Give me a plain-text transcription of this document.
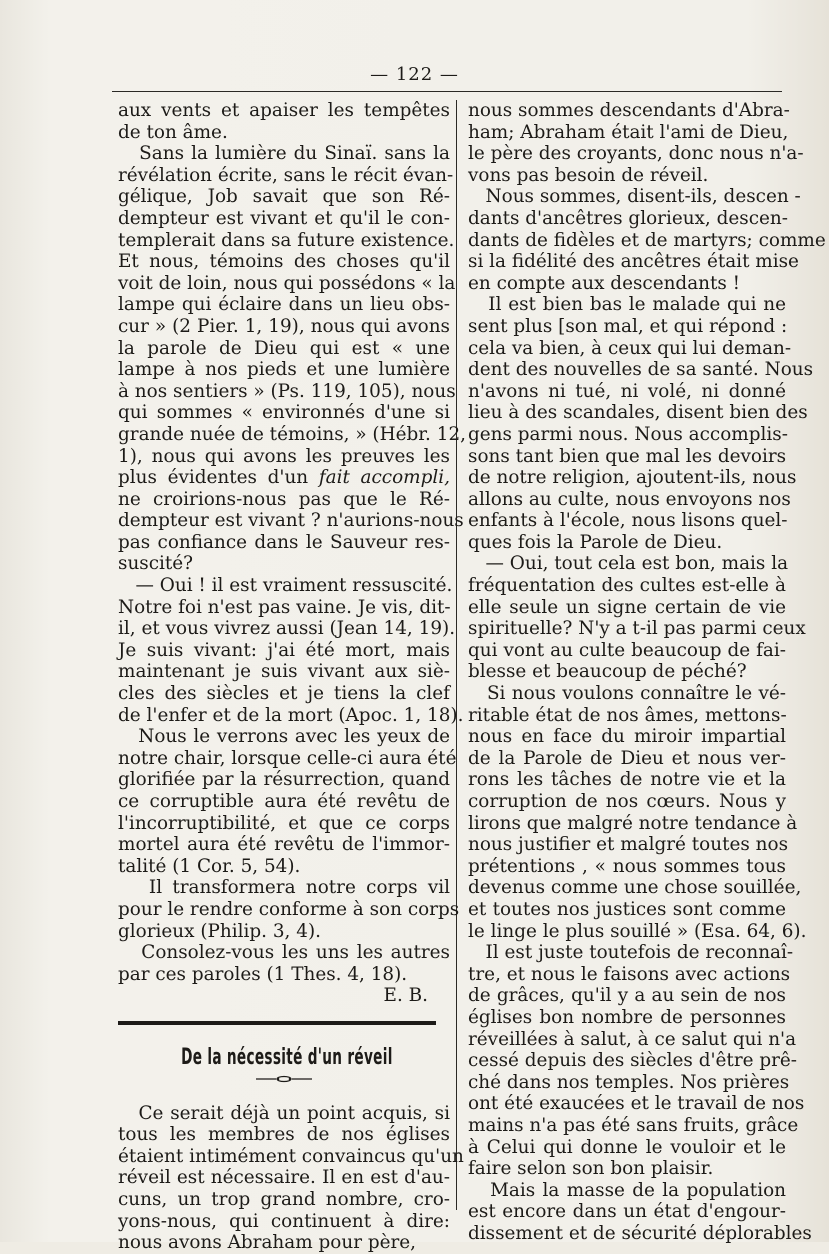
— 122 —
aux vents et apaiser les tempêtes
de ton âme.
Sans la lumière du Sinaï. sans la
révélation écrite, sans le récit évan-
gélique, Job savait que son Ré-
dempteur est vivant et qu'il le con-
templerait dans sa future existence.
Et nous, témoins des choses qu'il
voit de loin, nous qui possédons « la
lampe qui éclaire dans un lieu obs-
cur » (2 Pier. 1, 19), nous qui avons
la parole de Dieu qui est « une
lampe à nos pieds et une lumière
à nos sentiers » (Ps. 119, 105), nous
qui sommes « environnés d'une si
grande nuée de témoins, » (Hébr. 12,
1), nous qui avons les preuves les
plus évidentes d'un fait accompli,
ne croirions-nous pas que le Ré-
dempteur est vivant ? n'aurions-nous
pas confiance dans le Sauveur res-
suscité?
— Oui ! il est vraiment ressuscité.
Notre foi n'est pas vaine. Je vis, dit-
il, et vous vivrez aussi (Jean 14, 19).
Je suis vivant: j'ai été mort, mais
maintenant je suis vivant aux siè-
cles des siècles et je tiens la clef
de l'enfer et de la mort (Apoc. 1, 18).
Nous le verrons avec les yeux de
notre chair, lorsque celle-ci aura été
glorifiée par la résurrection, quand
ce corruptible aura été revêtu de
l'incorruptibilité, et que ce corps
mortel aura été revêtu de l'immor-
talité (1 Cor. 5, 54).
Il transformera notre corps vil
pour le rendre conforme à son corps
glorieux (Philip. 3, 4).
Consolez-vous les uns les autres
par ces paroles (1 Thes. 4, 18).
E. B.
De la nécessité d'un réveil
Ce serait déjà un point acquis, si
tous les membres de nos églises
étaient intimément convaincus qu'un
réveil est nécessaire. Il en est d'au-
cuns, un trop grand nombre, cro-
yons-nous, qui continuent à dire:
nous avons Abraham pour père,
nous sommes descendants d'Abra-
ham; Abraham était l'ami de Dieu,
le père des croyants, donc nous n'a-
vons pas besoin de réveil.
Nous sommes, disent-ils, descen -
dants d'ancêtres glorieux, descen-
dants de fidèles et de martyrs; comme
si la fidélité des ancêtres était mise
en compte aux descendants !
Il est bien bas le malade qui ne
sent plus [son mal, et qui répond :
cela va bien, à ceux qui lui deman-
dent des nouvelles de sa santé. Nous
n'avons ni tué, ni volé, ni donné
lieu à des scandales, disent bien des
gens parmi nous. Nous accomplis-
sons tant bien que mal les devoirs
de notre religion, ajoutent-ils, nous
allons au culte, nous envoyons nos
enfants à l'école, nous lisons quel-
ques fois la Parole de Dieu.
— Oui, tout cela est bon, mais la
fréquentation des cultes est-elle à
elle seule un signe certain de vie
spirituelle? N'y a t-il pas parmi ceux
qui vont au culte beaucoup de fai-
blesse et beaucoup de péché?
Si nous voulons connaître le vé-
ritable état de nos âmes, mettons-
nous en face du miroir impartial
de la Parole de Dieu et nous ver-
rons les tâches de notre vie et la
corruption de nos cœurs. Nous y
lirons que malgré notre tendance à
nous justifier et malgré toutes nos
prétentions , « nous sommes tous
devenus comme une chose souillée,
et toutes nos justices sont comme
le linge le plus souillé » (Esa. 64, 6).
Il est juste toutefois de reconnaî-
tre, et nous le faisons avec actions
de grâces, qu'il y a au sein de nos
églises bon nombre de personnes
réveillées à salut, à ce salut qui n'a
cessé depuis des siècles d'être prê-
ché dans nos temples. Nos prières
ont été exaucées et le travail de nos
mains n'a pas été sans fruits, grâce
à Celui qui donne le vouloir et le
faire selon son bon plaisir.
Mais la masse de la population
est encore dans un état d'engour-
dissement et de sécurité déplorables
